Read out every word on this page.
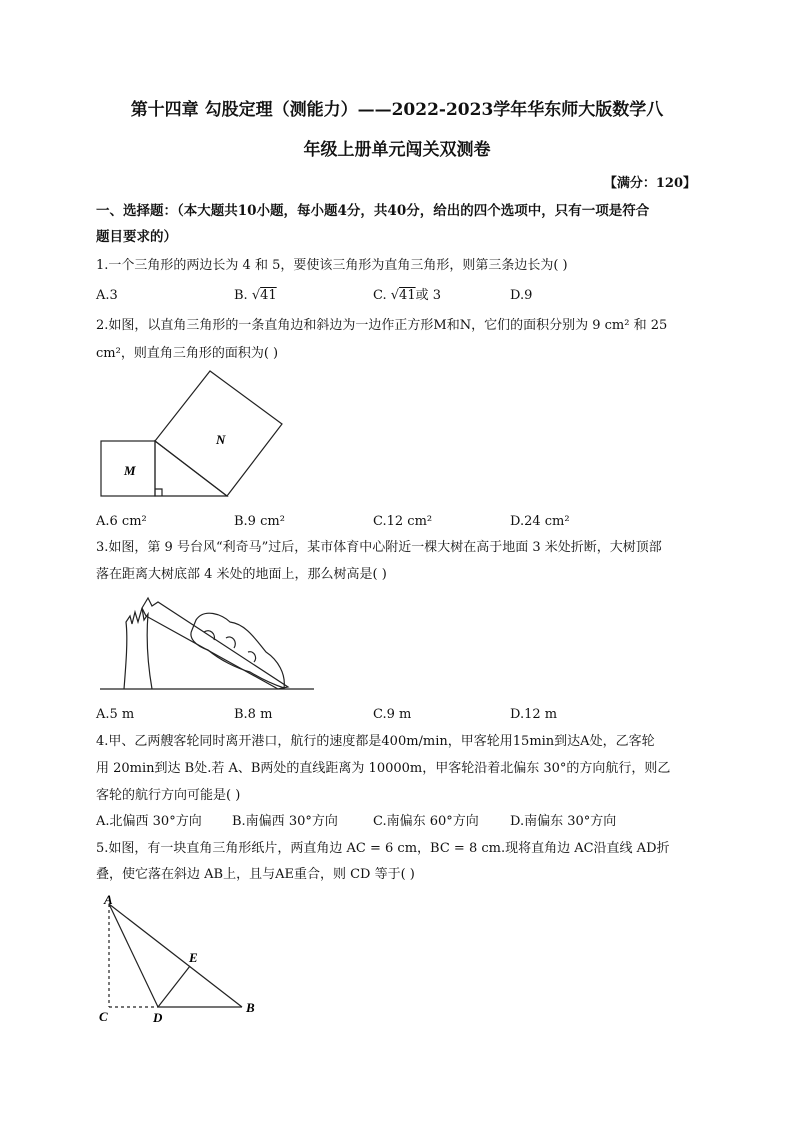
第十四章 勾股定理（测能力）——2022-2023学年华东师大版数学八
年级上册单元闯关双测卷
【满分：120】
一、选择题：（本大题共10小题，每小题4分，共40分，给出的四个选项中，只有一项是符合
题目要求的）
1.一个三角形的两边长为 4 和 5，要使该三角形为直角三角形，则第三条边长为( )
A.3	B. √41	C. √41或 3	D.9
2.如图，以直角三角形的一条直角边和斜边为一边作正方形M和N，它们的面积分别为 9 cm² 和 25
cm²，则直角三角形的面积为( )
M
N
A.6 cm²	B.9 cm²	C.12 cm²	D.24 cm²
3.如图，第 9 号台风“利奇马”过后，某市体育中心附近一棵大树在高于地面 3 米处折断，大树顶部
落在距离大树底部 4 米处的地面上，那么树高是( )
A.5 m	B.8 m	C.9 m	D.12 m
4.甲、乙两艘客轮同时离开港口，航行的速度都是400m/min，甲客轮用15min到达A处，乙客轮
用 20min到达 B处.若 A、B两处的直线距离为 10000m，甲客轮沿着北偏东 30°的方向航行，则乙
客轮的航行方向可能是( )
A.北偏西 30°方向 B.南偏西 30°方向	C.南偏东 60°方向 D.南偏东 30°方向
5.如图，有一块直角三角形纸片，两直角边 AC = 6 cm，BC = 8 cm.现将直角边 AC沿直线 AD折
叠，使它落在斜边 AB上，且与AE重合，则 CD 等于( )
A
B
C	D
E
